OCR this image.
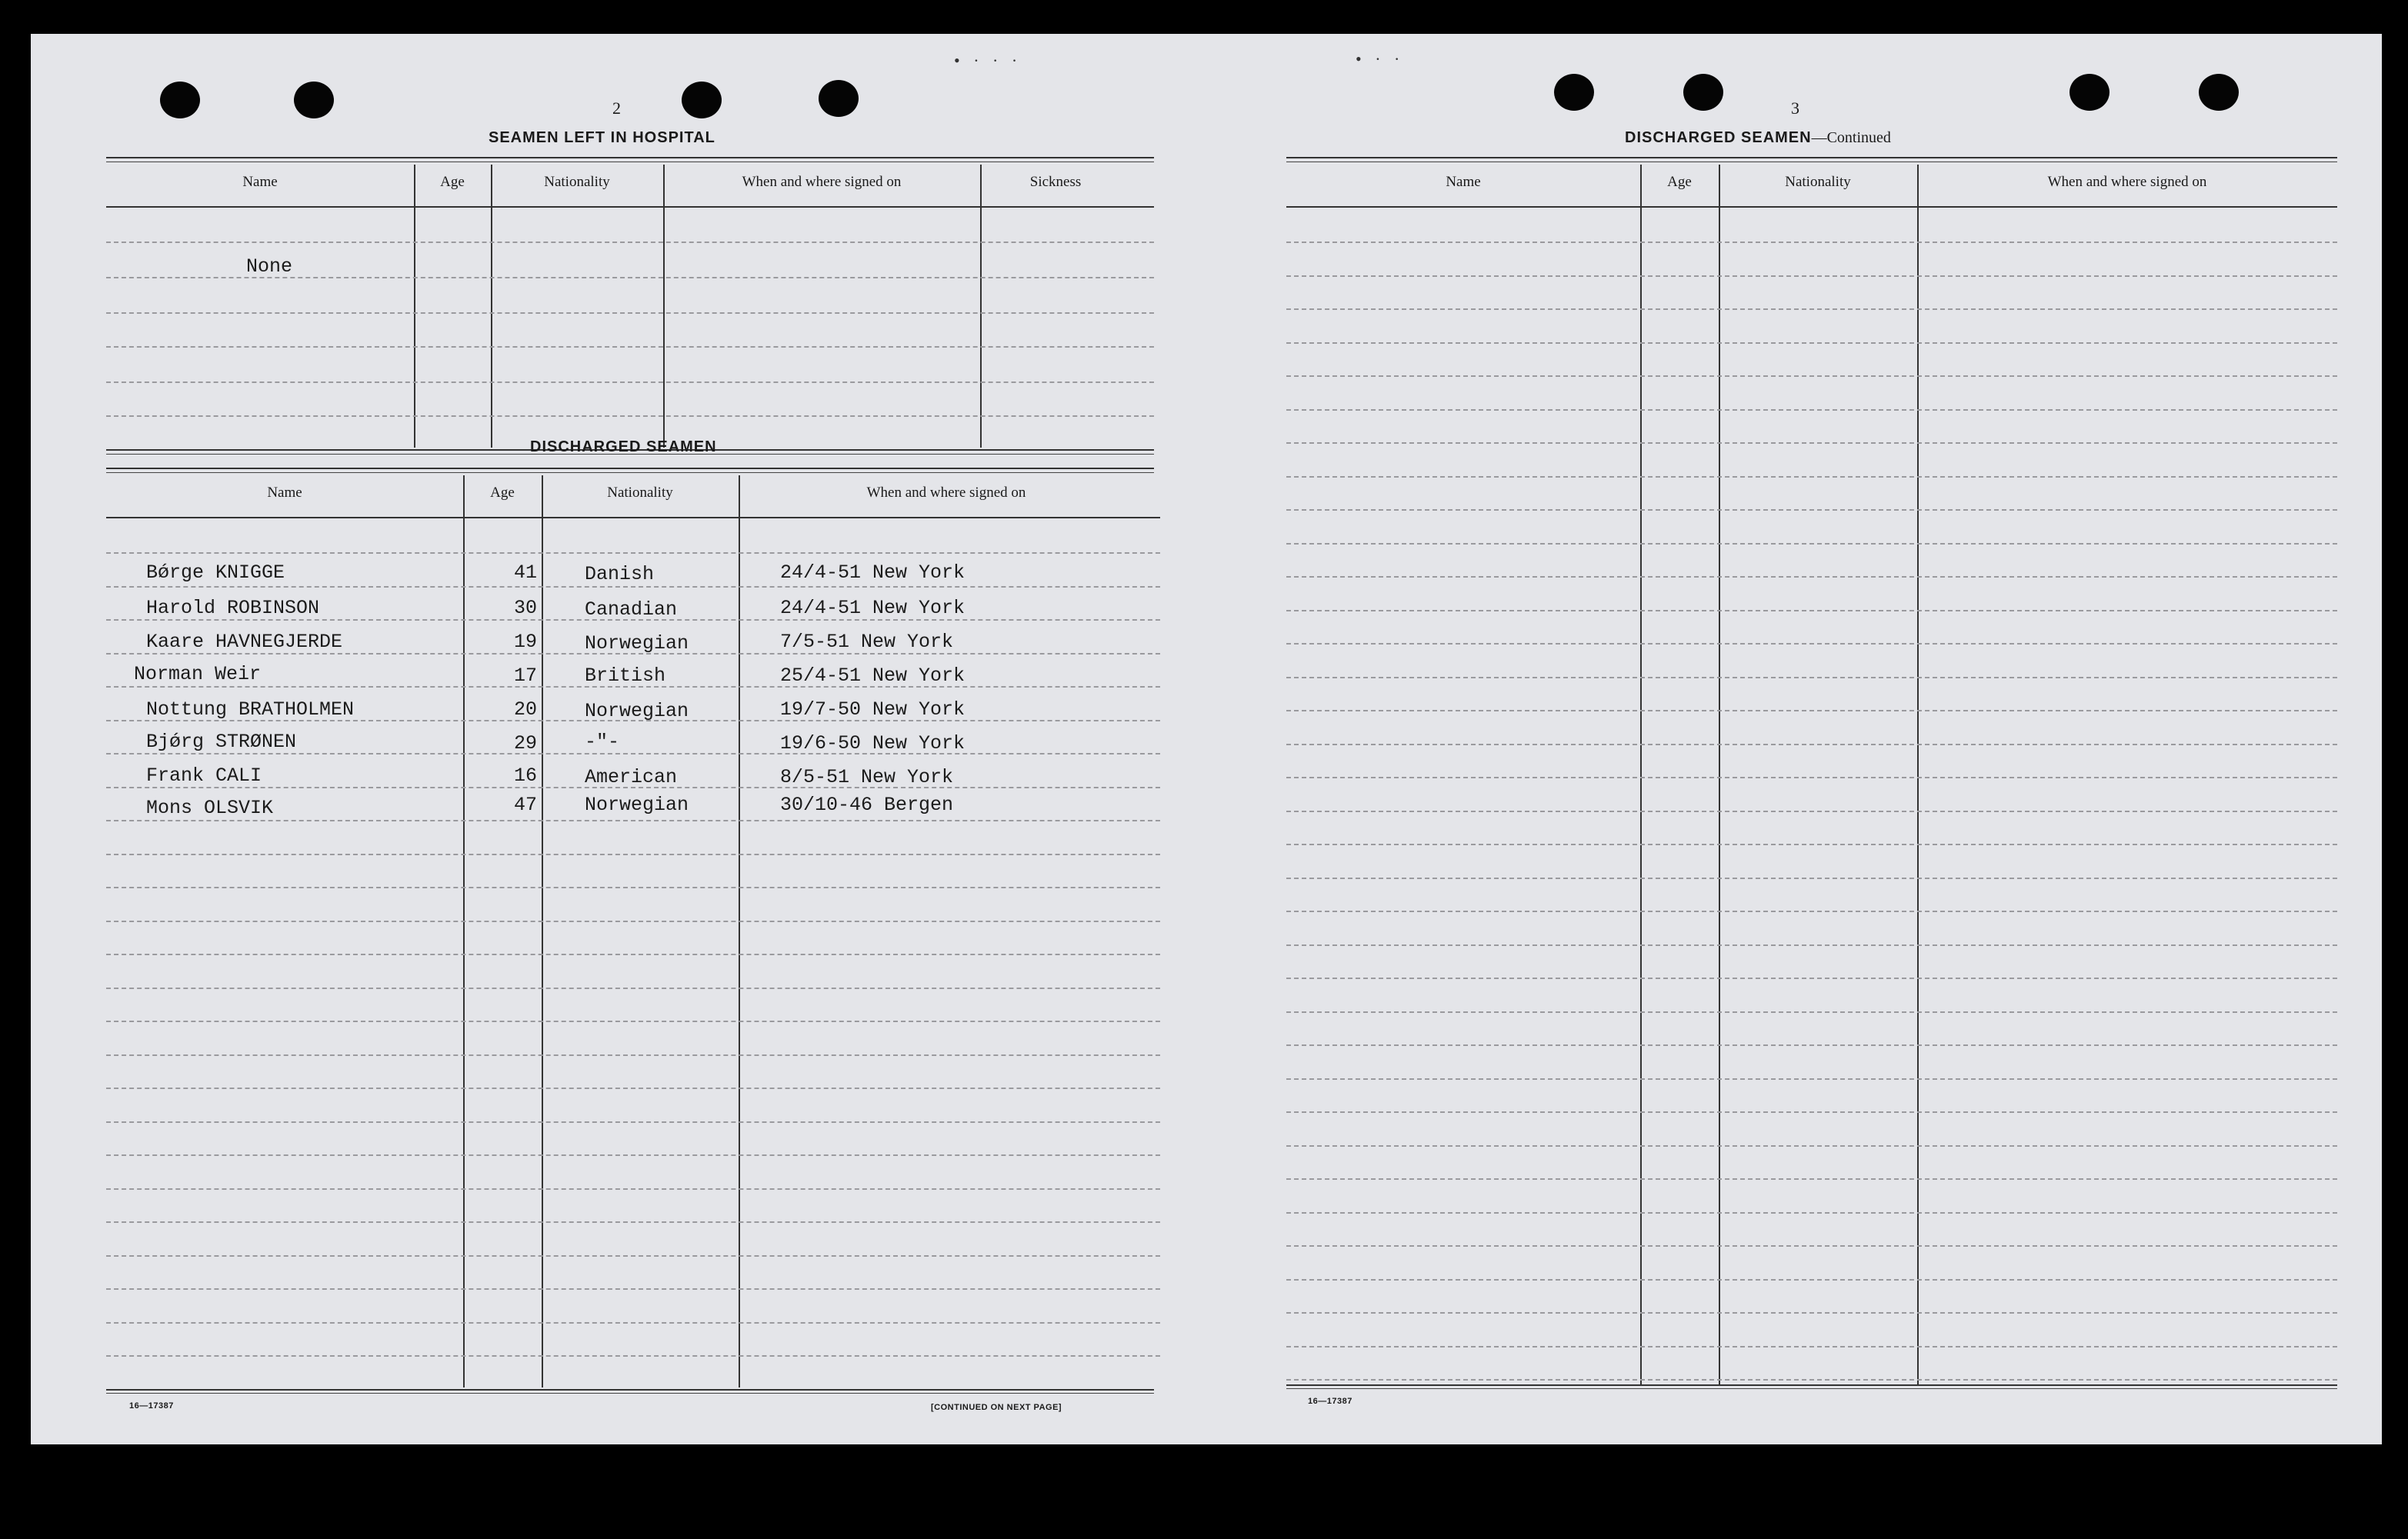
• · · ·	• · ·
2
SEAMEN LEFT IN HOSPITAL
Name	Age	Nationality	When and where signed on	Sickness
None
DISCHARGED SEAMEN
Name	Age	Nationality	When and where signed on
Bǿrge KNIGGE	41 Danish	24/4-51 New York
Harold ROBINSON	30 Canadian	24/4-51 New York
Kaare HAVNEGJERDE	19 Norwegian	7/5-51 New York
Norman Weir	17 British	25/4-51 New York
Nottung BRATHOLMEN	20 Norwegian	19/7-50 New York
Bjǿrg STRØNEN	29 -"-	19/6-50 New York
Frank CALI	16 American	8/5-51 New York
Mons OLSVIK	47 Norwegian	30/10-46 Bergen
16—17387	[CONTINUED ON NEXT PAGE]
3
DISCHARGED SEAMEN—Continued
Name	Age	Nationality	When and where signed on
16—17387
